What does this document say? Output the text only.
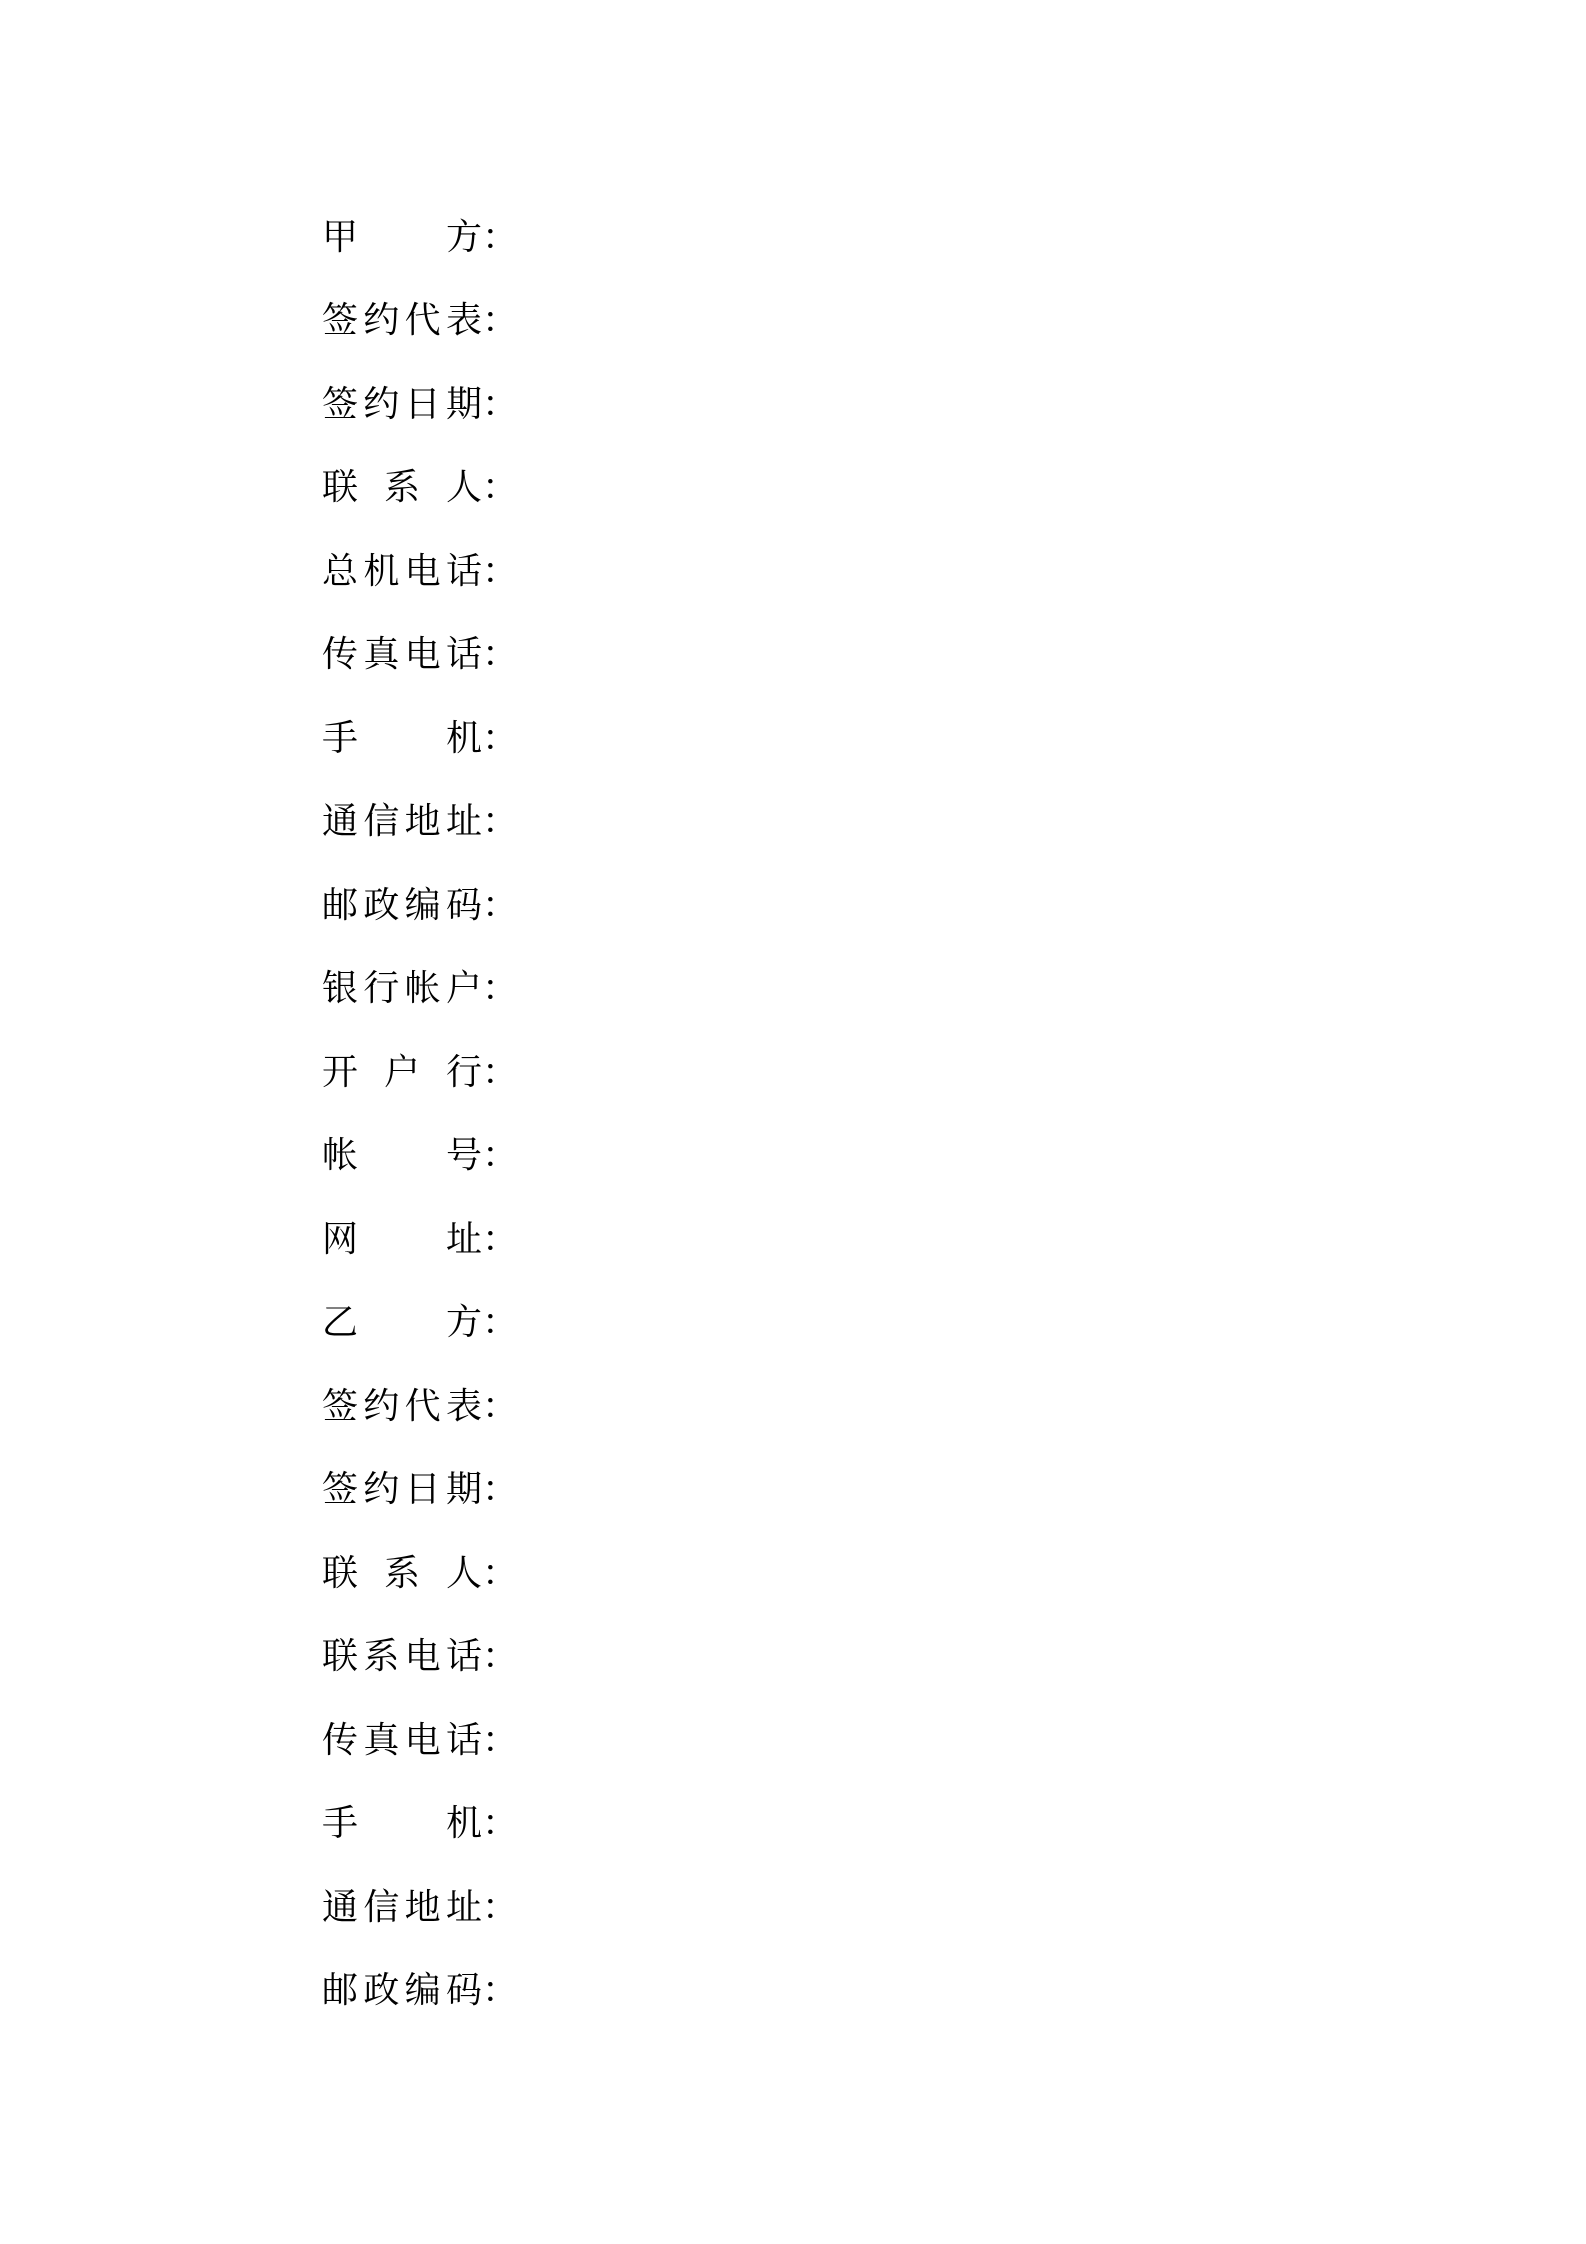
甲 方 ：
签 约 代 表 ：
签 约 日 期 ：
联 系 人 ：
总 机 电 话 ：
传 真 电 话 ：
手 机 ：
通 信 地 址 ：
邮 政 编 码 ：
银 行 帐 户 ：
开 户 行 ：
帐 号 ：
网 址 ：
乙 方 ：
签 约 代 表 ：
签 约 日 期 ：
联 系 人 ：
联 系 电 话 ：
传 真 电 话 ：
手 机 ：
通 信 地 址 ：
邮 政 编 码 ：
